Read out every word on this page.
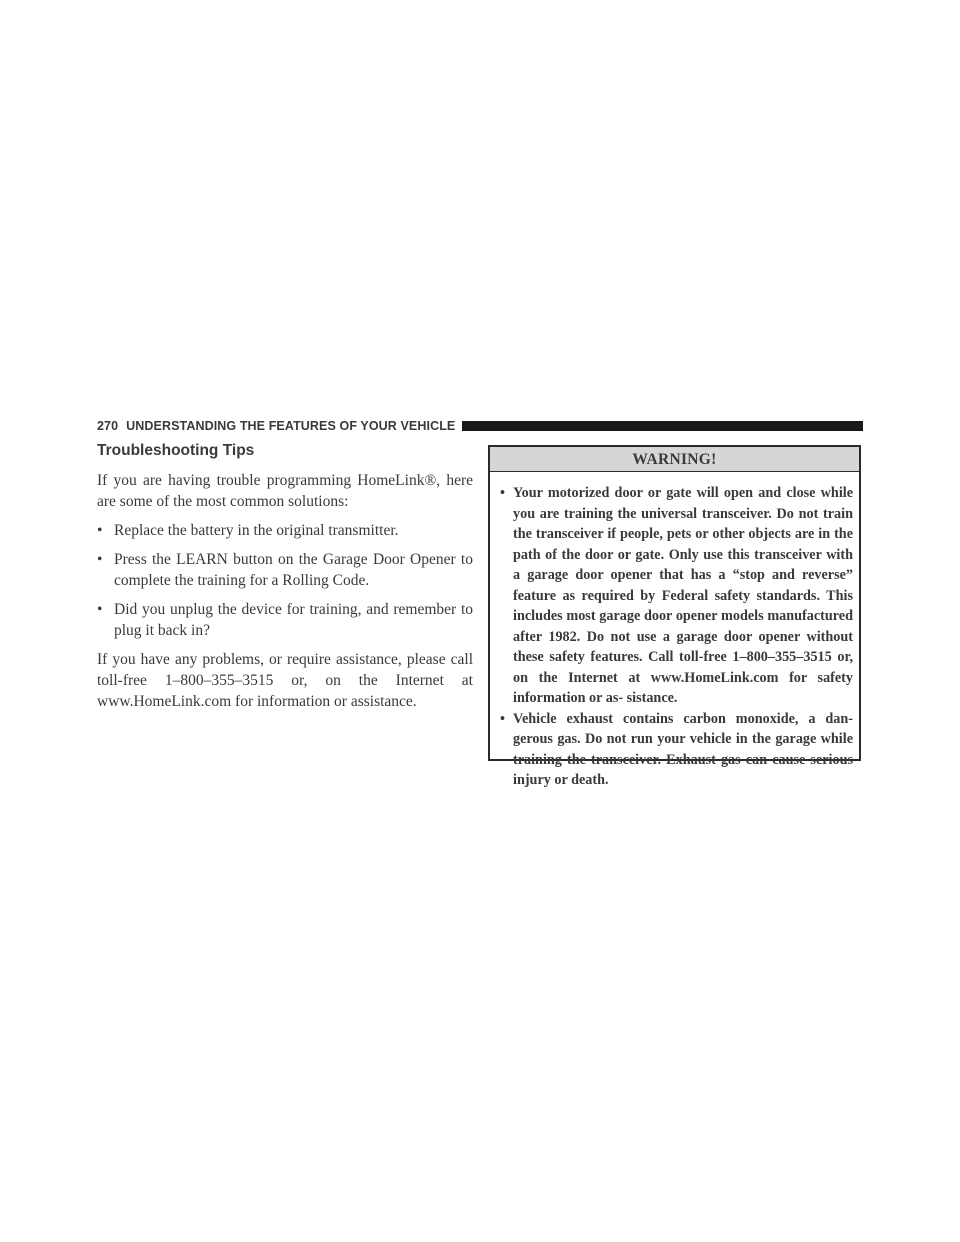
270 UNDERSTANDING THE FEATURES OF YOUR VEHICLE
Troubleshooting Tips

If you are having trouble programming HomeLink®, here are some of the most common solutions:

• Replace the battery in the original transmitter.
• Press the LEARN button on the Garage Door Opener to complete the training for a Rolling Code.
• Did you unplug the device for training, and remember to plug it back in?

If you have any problems, or require assistance, please call toll-free 1–800–355–3515 or, on the Internet at www.HomeLink.com for information or assistance.

WARNING!
• Your motorized door or gate will open and close while you are training the universal transceiver. Do not train the transceiver if people, pets or other objects are in the path of the door or gate. Only use this transceiver with a garage door opener that has a “stop and reverse” feature as required by Federal safety standards. This includes most garage door opener models manufactured after 1982. Do not use a garage door opener without these safety features. Call toll-free 1–800–355–3515 or, on the Internet at www.HomeLink.com for safety information or as- sistance.
• Vehicle exhaust contains carbon monoxide, a dan- gerous gas. Do not run your vehicle in the garage while training the transceiver. Exhaust gas can cause serious injury or death.
